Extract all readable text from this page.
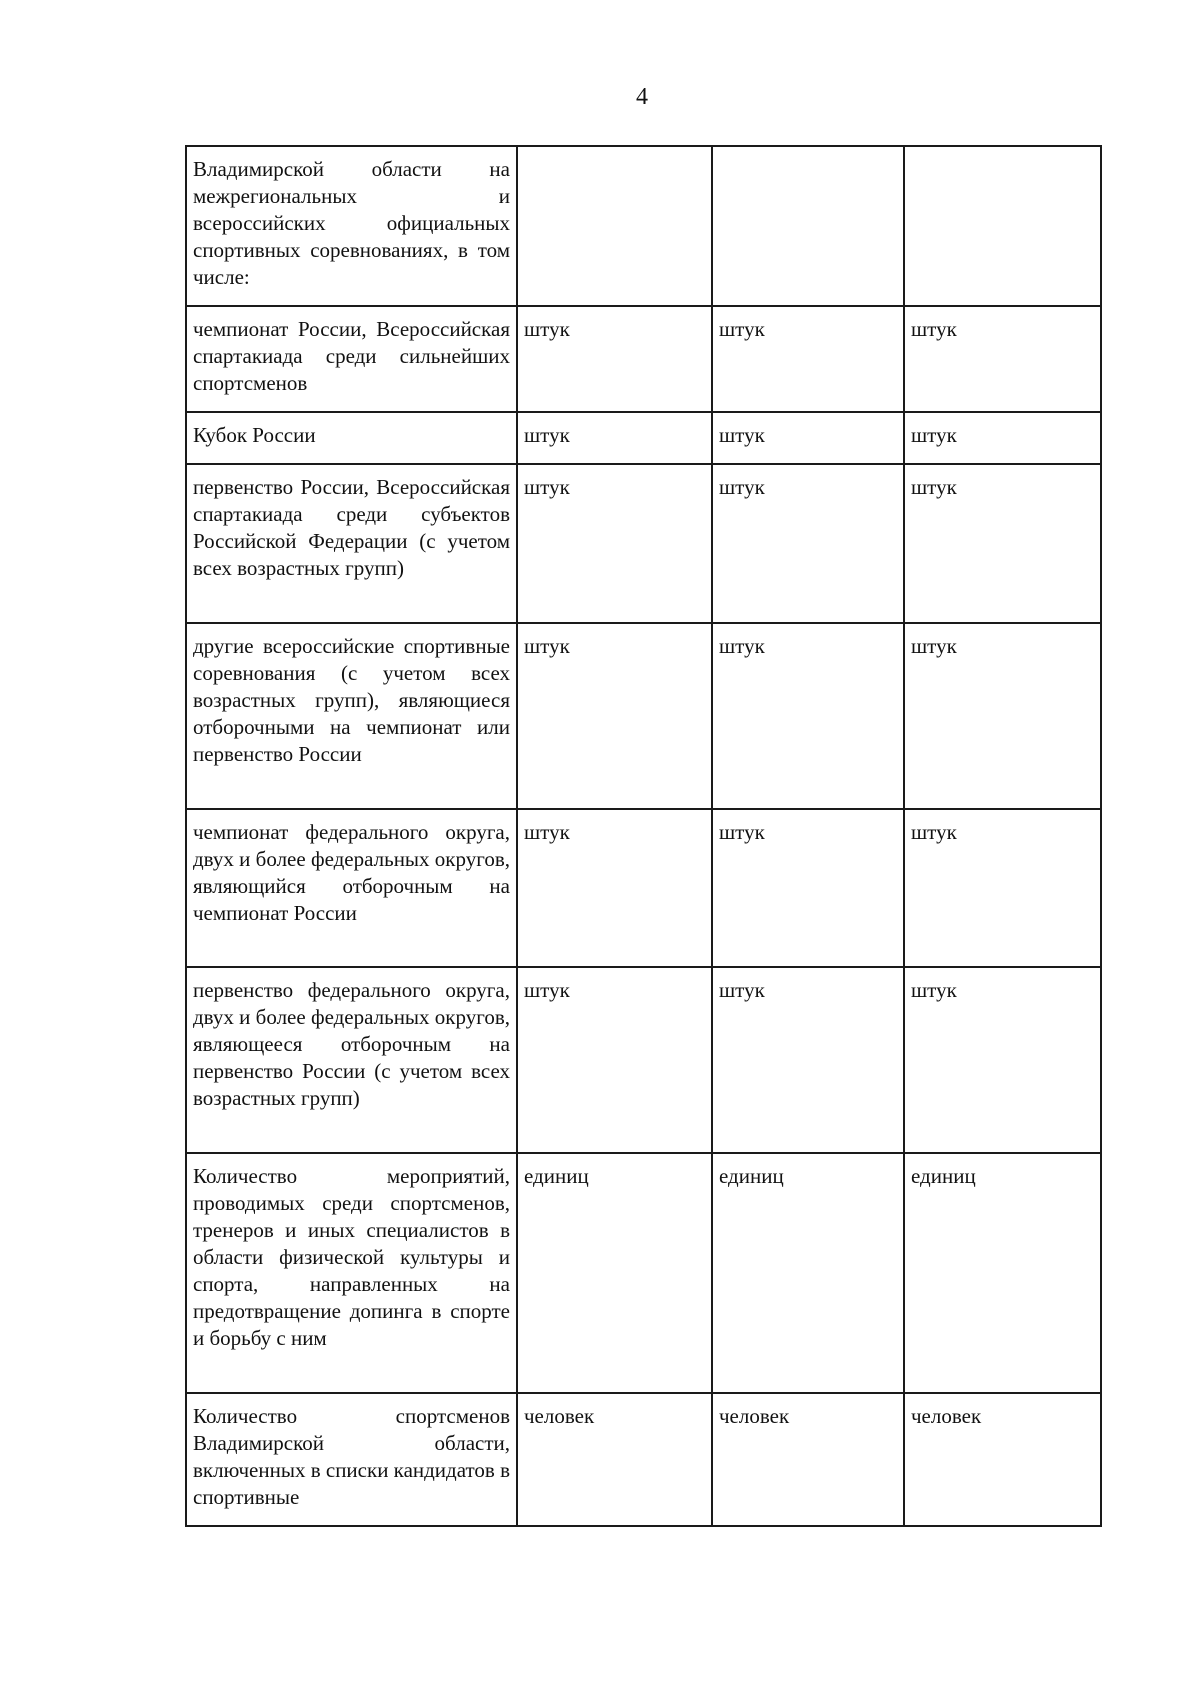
4
Владимирской области на межрегиональных и всероссийских официальных спортивных соревнованиях, в том числе:			
чемпионат России, Всероссийская спартакиада среди сильнейших спортсменов	штук	штук	штук
Кубок России	штук	штук	штук
первенство России, Всероссийская спартакиада среди субъектов Российской Федерации (с учетом всех возрастных групп)	штук	штук	штук
другие всероссийские спортивные соревнования (с учетом всех возрастных групп), являющиеся отборочными на чемпионат или первенство России	штук	штук	штук
чемпионат федерального округа, двух и более федеральных округов, являющийся отборочным на чемпионат России	штук	штук	штук
первенство федерального округа, двух и более федеральных округов, являющееся отборочным на первенство России (с учетом всех возрастных групп)	штук	штук	штук
Количество мероприятий, проводимых среди спортсменов, тренеров и иных специалистов в области физической культуры и спорта, направленных на предотвращение допинга в спорте и борьбу с ним	единиц	единиц	единиц
Количество спортсменов Владимирской области, включенных в списки кандидатов в спортивные	человек	человек	человек
